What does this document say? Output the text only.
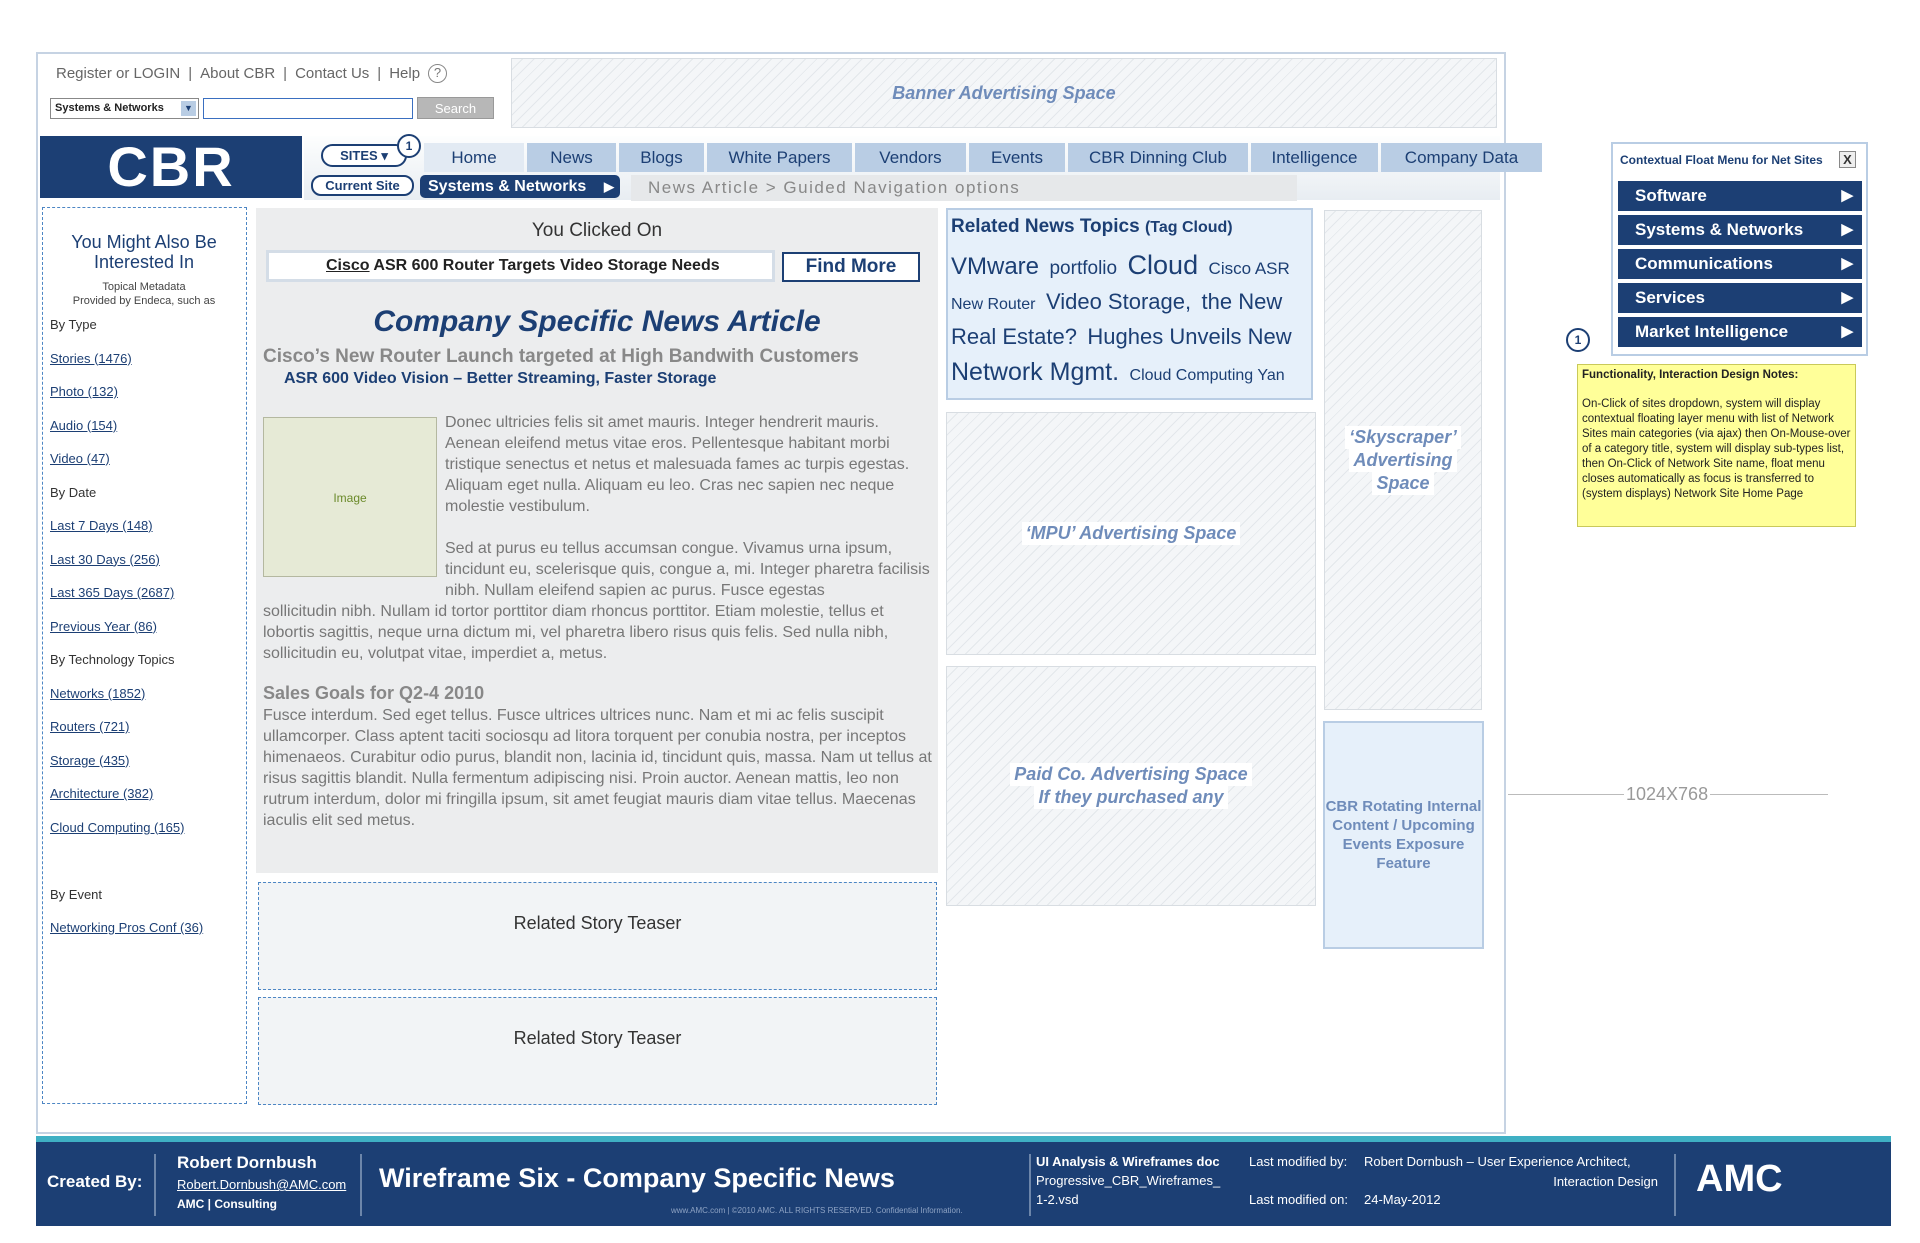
Register or LOGIN | About CBR | Contact Us | Help	?
Systems & Networks	▼	Search
Banner Advertising Space
CBR	SITES ▾
1
Current Site	Systems & Networks ▶
Home	News	Blogs	White Papers	Vendors	Events	CBR Dinning Club	Intelligence	Company Data
News Article > Guided Navigation options
You Might Also Be Interested In
Topical Metadata
Provided by Endeca, such as
By Type
Stories (1476)
Photo (132)
Audio (154)
Video (47)
By Date
Last 7 Days (148)
Last 30 Days (256)
Last 365 Days (2687)
Previous Year (86)
By Technology Topics
Networks (1852)
Routers (721)
Storage (435)
Architecture (382)
Cloud Computing (165)
By Event
Networking Pros Conf (36)
You Clicked On
Cisco ASR 600 Router Targets Video Storage Needs	Find More
Company Specific News Article
Cisco’s New Router Launch targeted at High Bandwith Customers
ASR 600 Video Vision – Better Streaming, Faster Storage
Image
Donec ultricies felis sit amet mauris. Integer hendrerit mauris. Aenean eleifend metus vitae eros. Pellentesque habitant morbi tristique senectus et netus et malesuada fames ac turpis egestas. Aliquam eget nulla. Aliquam eu leo. Cras nec sapien nec neque molestie vestibulum.
Sed at purus eu tellus accumsan congue. Vivamus urna ipsum, tincidunt eu, scelerisque quis, congue a, mi. Integer pharetra facilisis nibh. Nullam eleifend sapien ac purus. Fusce egestas
sollicitudin nibh. Nullam id tortor porttitor diam rhoncus porttitor. Etiam molestie, tellus et lobortis sagittis, neque urna dictum mi, vel pharetra libero risus quis felis. Sed nulla nibh, sollicitudin eu, volutpat vitae, imperdiet a, metus.
Sales Goals for Q2-4 2010
Fusce interdum. Sed eget tellus. Fusce ultrices ultrices nunc. Nam et mi ac felis suscipit ullamcorper. Class aptent taciti sociosqu ad litora torquent per conubia nostra, per inceptos himenaeos. Curabitur odio purus, blandit non, lacinia id, tincidunt quis, massa. Nam ut tellus at risus sagittis blandit. Nulla fermentum adipiscing nisi. Proin auctor. Aenean mattis, leo non rutrum interdum, dolor mi fringilla ipsum, sit amet feugiat mauris diam vitae tellus. Maecenas iaculis elit sed metus.
Related Story Teaser
Related Story Teaser
Related News Topics (Tag Cloud)
VMware portfolio Cloud Cisco ASR New Router Video Storage, the New Real Estate? Hughes Unveils New Network Mgmt. Cloud Computing Yan
‘MPU’ Advertising Space
Paid Co. Advertising Space
If they purchased any
‘Skyscraper’
Advertising
Space
CBR Rotating Internal Content / Upcoming Events Exposure Feature
1024X768
Contextual Float Menu for Net Sites	X
Software	▶
Systems & Networks	▶
Communications	▶
Services	▶
Market Intelligence	▶
1
Functionality, Interaction Design Notes:
On-Click of sites dropdown, system will display contextual floating layer menu with list of Network Sites main categories (via ajax) then On-Mouse-over of a category title, system will display sub-types list, then On-Click of Network Site name, float menu closes automatically as focus is transferred to (system displays) Network Site Home Page
Created By:
Robert Dornbush
Robert.Dornbush@AMC.com
AMC | Consulting
Wireframe Six - Company Specific News
www.AMC.com | ©2010 AMC. ALL RIGHTS RESERVED. Confidential Information.
UI Analysis & Wireframes doc
Progressive_CBR_Wireframes_
1-2.vsd
Last modified by: Robert Dornbush – User Experience Architect,
Interaction Design
Last modified on: 24-May-2012	AMC
